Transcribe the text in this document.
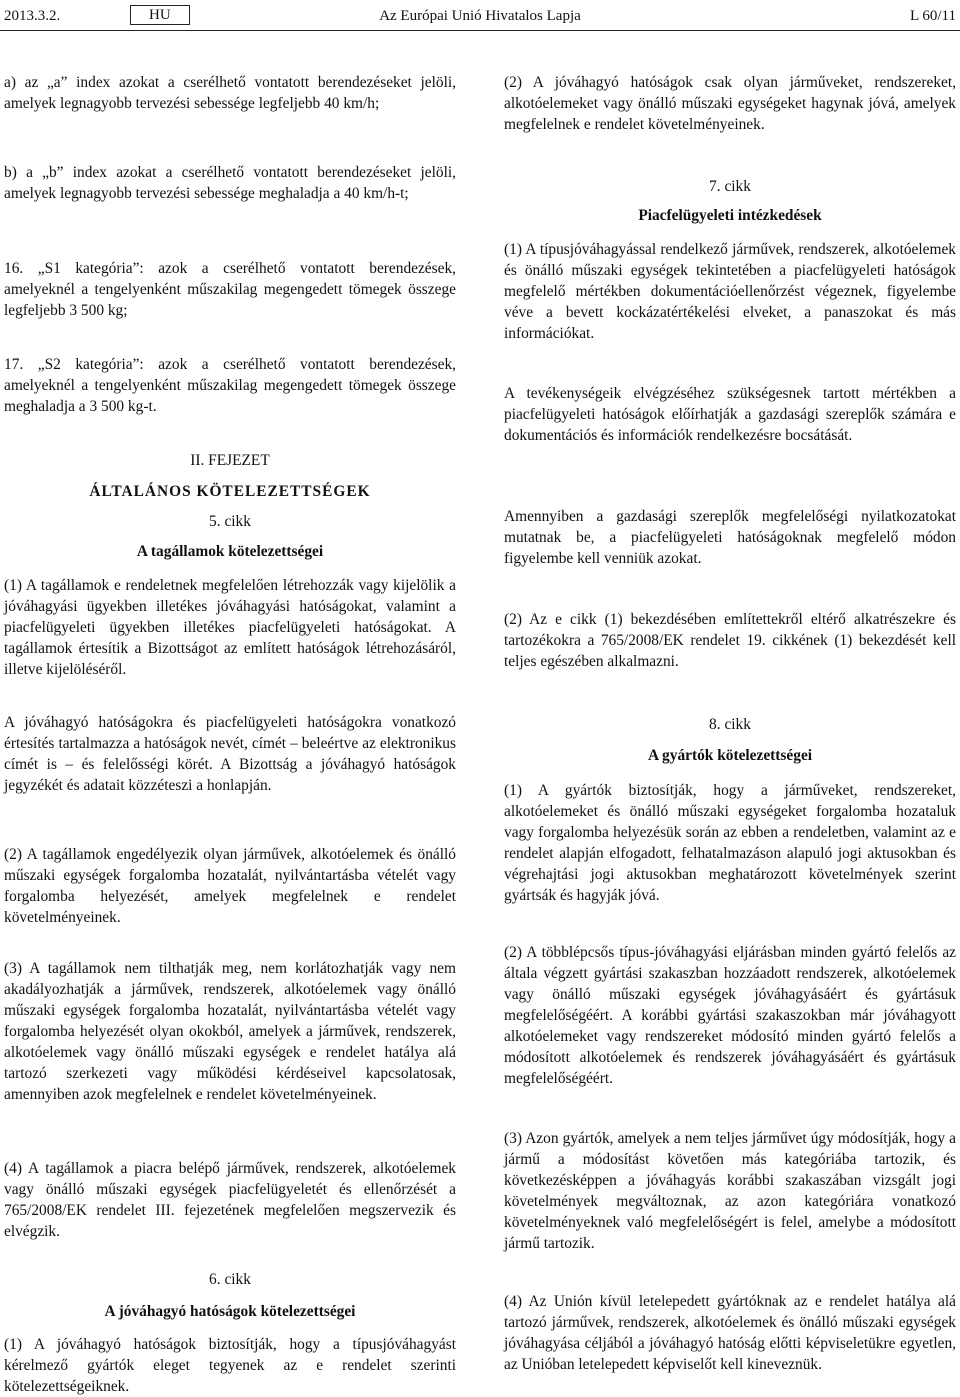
2013.3.2.	HU	Az Európai Unió Hivatalos Lapja	L 60/11

a) az „a” index azokat a cserélhető vontatott berendezéseket jelöli, amelyek legnagyobb tervezési sebessége legfeljebb 40 km/h;

b) a „b” index azokat a cserélhető vontatott berendezéseket jelöli, amelyek legnagyobb tervezési sebessége meghaladja a 40 km/h-t;

16. „S1 kategória”: azok a cserélhető vontatott berendezések, amelyeknél a tengelyenként műszakilag megengedett tömegek összege legfeljebb 3 500 kg;

17. „S2 kategória”: azok a cserélhető vontatott berendezések, amelyeknél a tengelyenként műszakilag megengedett tömegek összege meghaladja a 3 500 kg-t.

II. FEJEZET

ÁLTALÁNOS KÖTELEZETTSÉGEK

5. cikk

A tagállamok kötelezettségei

(1) A tagállamok e rendeletnek megfelelően létrehozzák vagy kijelölik a jóváhagyási ügyekben illetékes jóváhagyási hatóságokat, valamint a piacfelügyeleti ügyekben illetékes piacfelügyeleti hatóságokat. A tagállamok értesítik a Bizottságot az említett hatóságok létrehozásáról, illetve kijelöléséről.

A jóváhagyó hatóságokra és piacfelügyeleti hatóságokra vonatkozó értesítés tartalmazza a hatóságok nevét, címét – beleértve az elektronikus címét is – és felelősségi körét. A Bizottság a jóváhagyó hatóságok jegyzékét és adatait közzéteszi a honlapján.

(2) A tagállamok engedélyezik olyan járművek, alkotóelemek és önálló műszaki egységek forgalomba hozatalát, nyilvántartásba vételét vagy forgalomba helyezését, amelyek megfelelnek e rendelet követelményeinek.

(3) A tagállamok nem tilthatják meg, nem korlátozhatják vagy nem akadályozhatják a járművek, rendszerek, alkotóelemek vagy önálló műszaki egységek forgalomba hozatalát, nyilvántartásba vételét vagy forgalomba helyezését olyan okokból, amelyek a járművek, rendszerek, alkotóelemek vagy önálló műszaki egységek e rendelet hatálya alá tartozó szerkezeti vagy működési kérdéseivel kapcsolatosak, amennyiben azok megfelelnek e rendelet követelményeinek.

(4) A tagállamok a piacra belépő járművek, rendszerek, alkotóelemek vagy önálló műszaki egységek piacfelügyeletét és ellenőrzését a 765/2008/EK rendelet III. fejezetének megfelelően megszervezik és elvégzik.

6. cikk

A jóváhagyó hatóságok kötelezettségei

(1) A jóváhagyó hatóságok biztosítják, hogy a típusjóváhagyást kérelmező gyártók eleget tegyenek az e rendelet szerinti kötelezettségeiknek.

(2) A jóváhagyó hatóságok csak olyan járműveket, rendszereket, alkotóelemeket vagy önálló műszaki egységeket hagynak jóvá, amelyek megfelelnek e rendelet követelményeinek.

7. cikk

Piacfelügyeleti intézkedések

(1) A típusjóváhagyással rendelkező járművek, rendszerek, alkotóelemek és önálló műszaki egységek tekintetében a piacfelügyeleti hatóságok megfelelő mértékben dokumentációellenőrzést végeznek, figyelembe véve a bevett kockázatértékelési elveket, a panaszokat és más információkat.

A tevékenységeik elvégzéséhez szükségesnek tartott mértékben a piacfelügyeleti hatóságok előírhatják a gazdasági szereplők számára e dokumentációs és információk rendelkezésre bocsátását.

Amennyiben a gazdasági szereplők megfelelőségi nyilatkozatokat mutatnak be, a piacfelügyeleti hatóságoknak megfelelő módon figyelembe kell venniük azokat.

(2) Az e cikk (1) bekezdésében említettekről eltérő alkatrészekre és tartozékokra a 765/2008/EK rendelet 19. cikkének (1) bekezdését kell teljes egészében alkalmazni.

8. cikk

A gyártók kötelezettségei

(1) A gyártók biztosítják, hogy a járműveket, rendszereket, alkotóelemeket és önálló műszaki egységeket forgalomba hozataluk vagy forgalomba helyezésük során az ebben a rendeletben, valamint az e rendelet alapján elfogadott, felhatalmazáson alapuló jogi aktusokban és végrehajtási jogi aktusokban meghatározott követelmények szerint gyártsák és hagyják jóvá.

(2) A többlépcsős típus-jóváhagyási eljárásban minden gyártó felelős az általa végzett gyártási szakaszban hozzáadott rendszerek, alkotóelemek vagy önálló műszaki egységek jóváhagyásáért és gyártásuk megfelelőségéért. A korábbi gyártási szakaszokban már jóváhagyott alkotóelemeket vagy rendszereket módosító minden gyártó felelős a módosított alkotóelemek és rendszerek jóváhagyásáért és gyártásuk megfelelőségéért.

(3) Azon gyártók, amelyek a nem teljes járművet úgy módosítják, hogy a jármű a módosítást követően más kategóriába tartozik, és következésképpen a jóváhagyás korábbi szakaszában vizsgált jogi követelmények megváltoznak, az azon kategóriára vonatkozó követelményeknek való megfelelőségért is felel, amelybe a módosított jármű tartozik.

(4) Az Unión kívül letelepedett gyártóknak az e rendelet hatálya alá tartozó járművek, rendszerek, alkotóelemek és önálló műszaki egységek jóváhagyása céljából a jóváhagyó hatóság előtti képviseletükre egyetlen, az Unióban letelepedett képviselőt kell kineveznük.
